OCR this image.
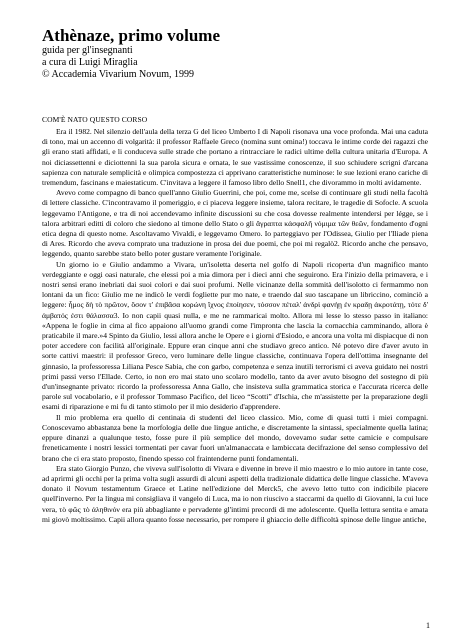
Athènaze, primo volume
guida per gl'insegnanti
a cura di Luigi Miraglia
© Accademia Vivarium Novum, 1999
COM'È NATO QUESTO CORSO

Era il 1982. Nel silenzio dell'aula della terza G del liceo Umberto I di Napoli risonava una voce profonda. Mai una caduta di tono, mai un accenno di volgarità: il professor Raffaele Greco (nomina sunt omina!) toccava le intime corde dei ragazzi che gli erano stati affidati, e li conduceva sulle strade che portano a rintracciare le radici ultime della cultura unitaria d'Europa. A noi diciassettenni e diciottenni la sua parola sicura e ornata, le sue vastissime conoscenze, il suo schiudere scrigni d'arcana sapienza con naturale semplicità e olimpica compostezza ci apprivano caratteristiche numinose: le sue lezioni erano cariche di tremendum, fascinans e maiestaticum. C'invitava a leggere il famoso libro dello Snell1, che divorammo in molti avidamente.

Avevo come compagno di banco quell'anno Giulio Guerrini, che poi, come me, scelse di continuare gli studi nella facoltà di lettere classiche. C'incontravamo il pomeriggio, e ci piaceva leggere insieme, talora recitare, le tragedie di Sofocle. A scuola leggevamo l'Antigone, e tra di noi accendevamo infinite discussioni su che cosa dovesse realmente intendersi per légge, se i talora arbitrari editti di coloro che siedono al timone dello Stato o gli ἄγραπτα κἀσφαλῆ νόμιμα τῶν θεῶν, fondamento d'ogni etica degna di questo nome. Ascoltavamo Vivaldi, e leggevamo Omero. Io parteggiavo per l'Odissea, Giulio per l'Iliade piena di Ares. Ricordo che aveva comprato una traduzione in prosa dei due poemi, che poi mi regalò2. Ricordo anche che pensavo, leggendo, quanto sarebbe stato bello poter gustare veramente l'originale.

Un giorno io e Giulio andammo a Vivara, un'isoletta deserta nel golfo di Napoli ricoperta d'un magnifico manto verdeggiante e oggi oasi naturale, che elessi poi a mia dimora per i dieci anni che seguirono. Era l'inizio della primavera, e i nostri sensi erano inebriati dai suoi colori e dai suoi profumi. Nelle vicinanze della sommità dell'isolotto ci fermammo non lontani da un fico: Giulio me ne indicò le verdi fogliette pur mo nate, e traendo dal suo tascapane un libriccino, cominciò a leggere: ἦμος δὴ τὸ πρῶτον, ὅσον τ' ἐπιβᾶσα κορώνη ἴχνος ἐποίησεν, τόσσον πέταλ' ἀνδρὶ φανήῃ ἐν κραδῃ ἀκροτάτῃ, τότε δ' ἀμβατός ἐστι θάλασσα3. Io non capii quasi nulla, e me ne rammaricai molto. Allora mi lesse lo stesso passo in italiano: «Appena le foglie in cima al fico appaiono all'uomo grandi come l'impronta che lascia la cornacchia camminando, allora è praticabile il mare.»4 Spinto da Giulio, lessi allora anche le Opere e i giorni d'Esiodo, e ancora una volta mi dispiacque di non poter accedere con facilità all'originale. Eppure eran cinque anni che studiavo greco antico. Né potevo dire d'aver avuto in sorte cattivi maestri: il professor Greco, vero luminare delle lingue classiche, continuava l'opera dell'ottima insegnante del ginnasio, la professoressa Liliana Pesce Sabia, che con garbo, competenza e senza inutili terrorismi ci aveva guidato nei nostri primi passi verso l'Ellade. Certo, io non ero mai stato uno scolaro modello, tanto da aver avuto bisogno del sostegno di più d'un'insegnante privato: ricordo la professoressa Anna Gallo, che insisteva sulla grammatica storica e l'accurata ricerca delle parole sul vocabolario, e il professor Tommaso Pacifico, del liceo “Scotti” d'Ischia, che m'assistette per la preparazione degli esami di riparazione e mi fu di tanto stimolo per il mio desiderio d'apprendere.

Il mio problema era quello di centinaia di studenti del liceo classico. Mio, come di quasi tutti i miei compagni. Conoscevamo abbastanza bene la morfologia delle due lingue antiche, e discretamente la sintassi, specialmente quella latina; eppure dinanzi a qualunque testo, fosse pure il più semplice del mondo, dovevamo sudar sette camicie e compulsare freneticamente i nostri lessici tormentati per cavar fuori un'almanaccata e lambiccata decifrazione del senso complessivo del brano che ci era stato proposto, finendo spesso col fraintenderne punti fondamentali.

Era stato Giorgio Punzo, che viveva sull'isolotto di Vivara e divenne in breve il mio maestro e lo mio autore in tante cose, ad aprirmi gli occhi per la prima volta sugli assurdi di alcuni aspetti della tradizionale didattica delle lingue classiche. M'aveva donato il Novum testamentum Graece et Latine nell'edizione del Merck5, che avevo letto tutto con indicibile piacere quell'inverno. Per la lingua mi consigliava il vangelo di Luca, ma io non riuscivo a staccarmi da quello di Giovanni, la cui luce vera, τὸ φῶς τὸ ἀληθινόν era più abbagliante e pervadente gl'intimi precordi di me adolescente. Quella lettura sentita e amata mi giovò moltissimo. Capii allora quanto fosse necessario, per rompere il ghiaccio delle difficoltà spinose delle lingue antiche,

1
